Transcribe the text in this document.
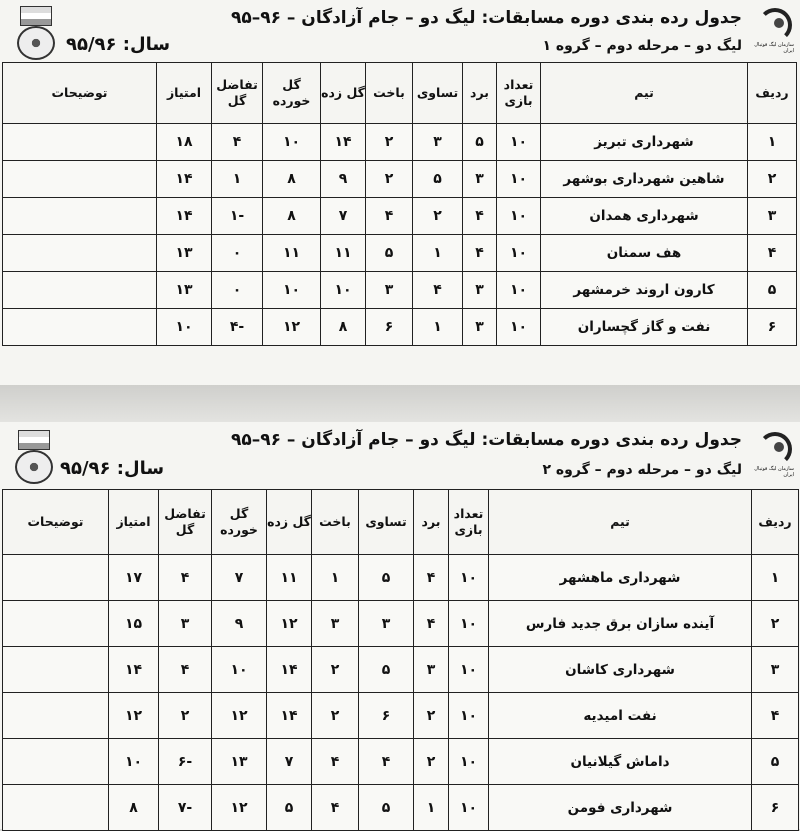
سازمان لیگ فوتبال ایران
جدول رده بندی دوره مسابقات: لیگ دو – جام آزادگان – ۹۶–۹۵
لیگ دو – مرحله دوم – گروه ۱
سال: ۹۵/۹۶
ردیف	تیم	تعداد بازی	برد	تساوی	باخت	گل زده	گل خورده	تفاضل گل	امتیاز	توضیحات
۱	شهرداری تبریز	۱۰	۵	۳	۲	۱۴	۱۰	۴	۱۸	
۲	شاهین شهرداری بوشهر	۱۰	۳	۵	۲	۹	۸	۱	۱۴	
۳	شهرداری همدان	۱۰	۴	۲	۴	۷	۸	-۱	۱۴	
۴	هف سمنان	۱۰	۴	۱	۵	۱۱	۱۱	۰	۱۳	
۵	کارون اروند خرمشهر	۱۰	۳	۴	۳	۱۰	۱۰	۰	۱۳	
۶	نفت و گاز گچساران	۱۰	۳	۱	۶	۸	۱۲	-۴	۱۰	
سازمان لیگ فوتبال ایران
جدول رده بندی دوره مسابقات: لیگ دو – جام آزادگان – ۹۶–۹۵
لیگ دو – مرحله دوم – گروه ۲
سال: ۹۵/۹۶
ردیف	تیم	تعداد بازی	برد	تساوی	باخت	گل زده	گل خورده	تفاضل گل	امتیاز	توضیحات
۱	شهرداری ماهشهر	۱۰	۴	۵	۱	۱۱	۷	۴	۱۷	
۲	آینده سازان برق جدید فارس	۱۰	۴	۳	۳	۱۲	۹	۳	۱۵	
۳	شهرداری کاشان	۱۰	۳	۵	۲	۱۴	۱۰	۴	۱۴	
۴	نفت امیدیه	۱۰	۲	۶	۲	۱۴	۱۲	۲	۱۲	
۵	داماش گیلانیان	۱۰	۲	۴	۴	۷	۱۳	-۶	۱۰	
۶	شهرداری فومن	۱۰	۱	۵	۴	۵	۱۲	-۷	۸	
